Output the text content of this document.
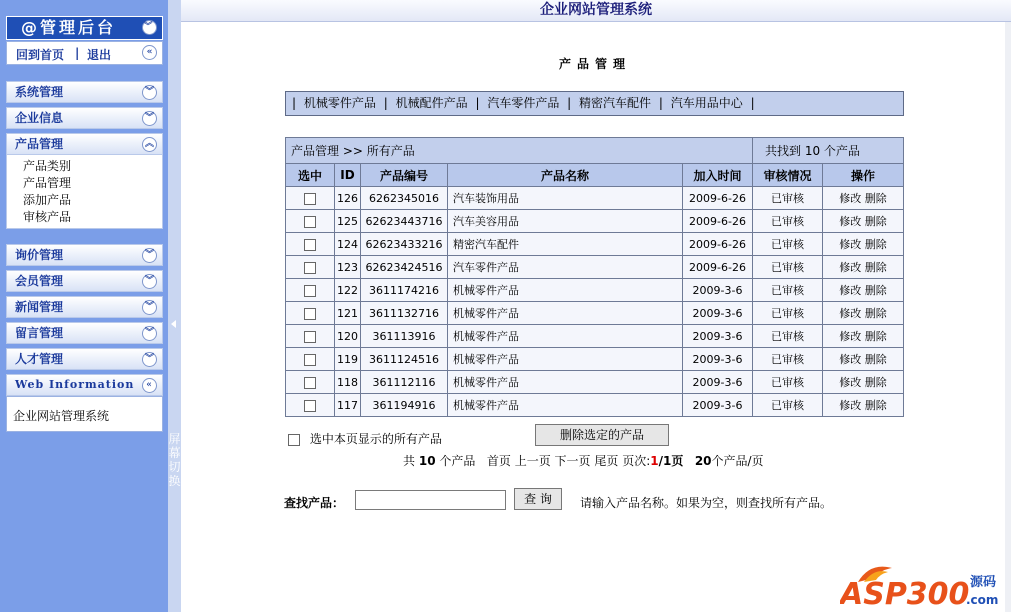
@管理后台	︾
回到首页 | 退出	«
系统管理	︾
企业信息	︾
产品管理	︽
产品类别
产品管理
添加产品
审核产品
询价管理	︾
会员管理	︾
新闻管理	︾
留言管理	︾
人才管理	︾
Web Information	«
企业网站管理系统
屏
幕
切
换
企业网站管理系统
产品管理
| 机械零件产品 | 机械配件产品 | 汽车零件产品 | 精密汽车配件 | 汽车用品中心 |
产品管理 >> 所有产品					共找到 10 个产品	
选中	ID	产品编号	产品名称	加入时间	审核情况	操作
	126	6262345016	汽车装饰用品	2009-6-26	已审核	修改 删除
	125	62623443716	汽车美容用品	2009-6-26	已审核	修改 删除
	124	62623433216	精密汽车配件	2009-6-26	已审核	修改 删除
	123	62623424516	汽车零件产品	2009-6-26	已审核	修改 删除
	122	3611174216	机械零件产品	2009-3-6	已审核	修改 删除
	121	3611132716	机械零件产品	2009-3-6	已审核	修改 删除
	120	361113916	机械零件产品	2009-3-6	已审核	修改 删除
	119	3611124516	机械零件产品	2009-3-6	已审核	修改 删除
	118	361112116	机械零件产品	2009-3-6	已审核	修改 删除
	117	361194916	机械零件产品	2009-3-6	已审核	修改 删除
选中本页显示的所有产品	删除选定的产品
共 10 个产品 首页 上一页 下一页 尾页 页次:1/1页 20个产品/页
查找产品：	查 询	请输入产品名称。如果为空，则查找所有产品。
ASP300 源码
.com
